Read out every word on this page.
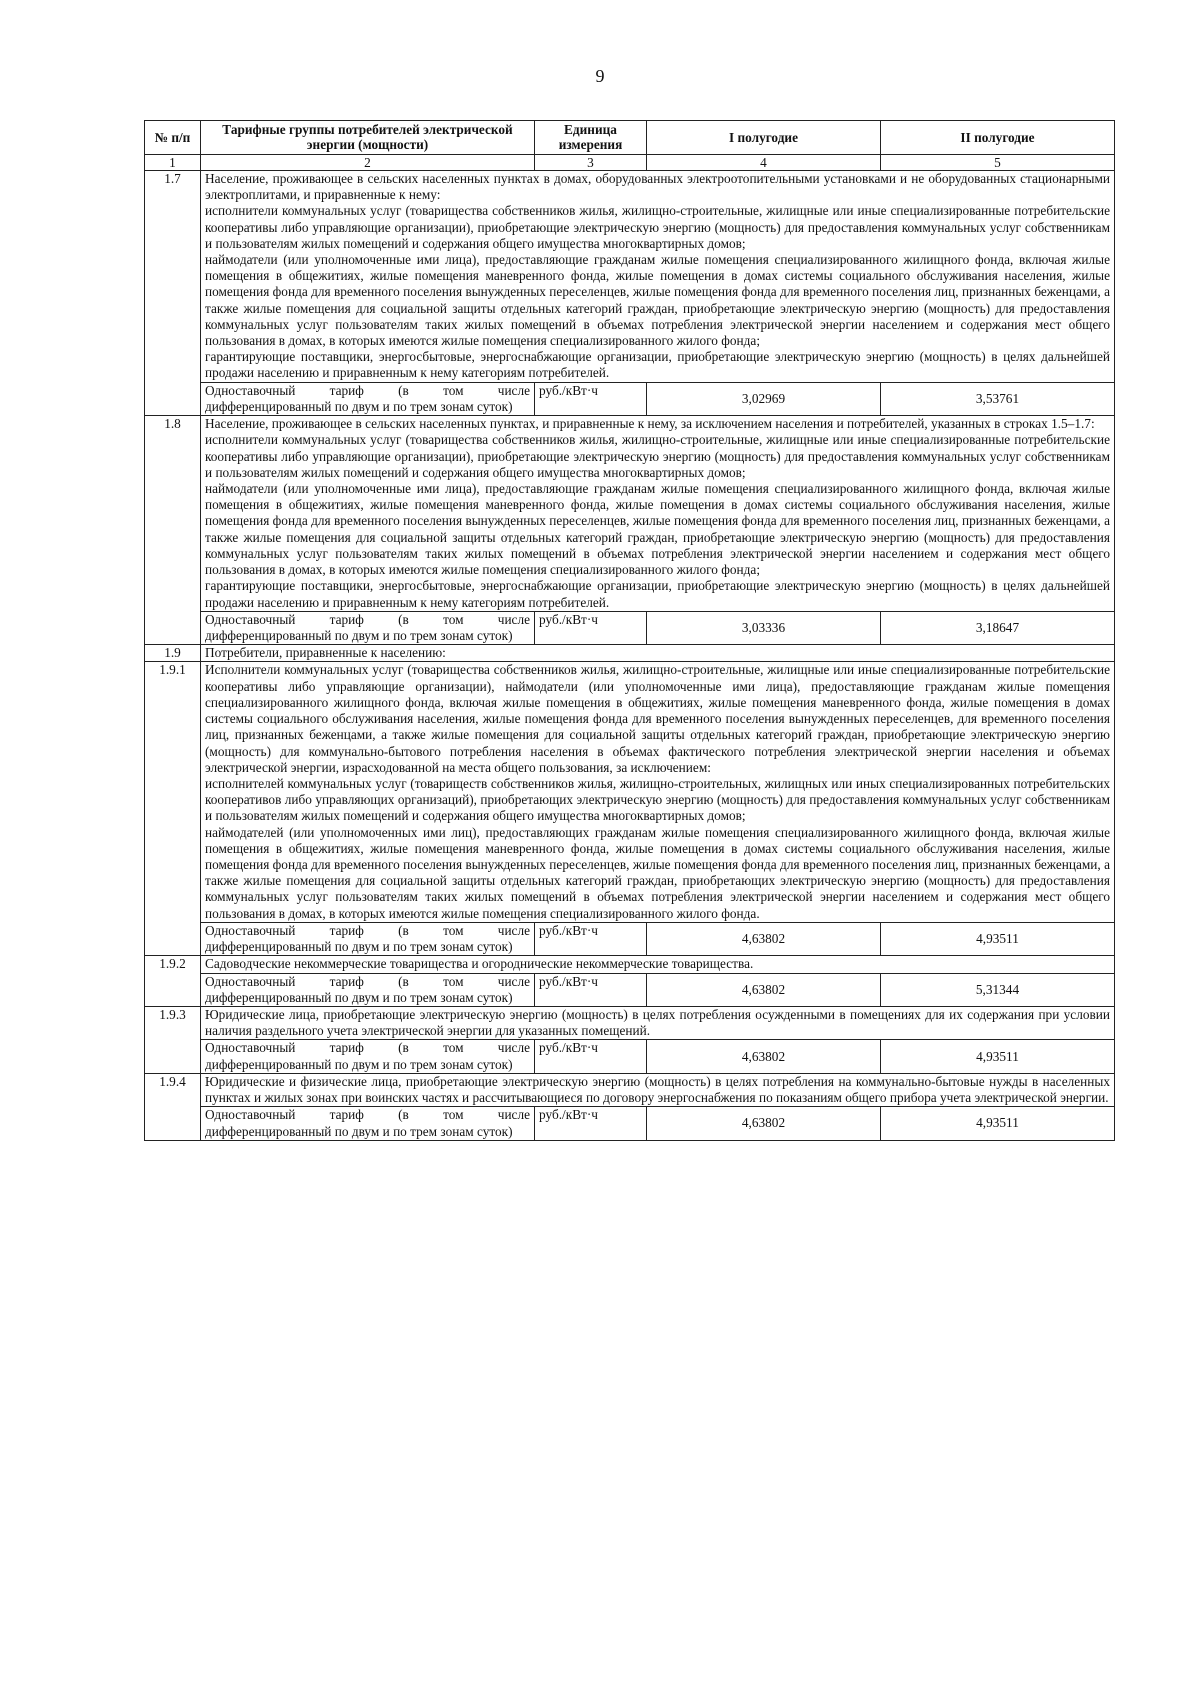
9
№ п/п	Тарифные группы потребителей электрической энергии (мощности)	Единица измерения	I полугодие	II полугодие
1	2	3	4	5
1.7	Население, проживающее в сельских населенных пунктах в домах, оборудованных электроотопительными установками и не оборудованных стационарными электроплитами, и приравненные к нему:

исполнители коммунальных услуг (товарищества собственников жилья, жилищно-строительные, жилищные или иные специализированные потребительские кооперативы либо управляющие организации), приобретающие электрическую энергию (мощность) для предоставления коммунальных услуг собственникам и пользователям жилых помещений и содержания общего имущества многоквартирных домов;

наймодатели (или уполномоченные ими лица), предоставляющие гражданам жилые помещения специализированного жилищного фонда, включая жилые помещения в общежитиях, жилые помещения маневренного фонда, жилые помещения в домах системы социального обслуживания населения, жилые помещения фонда для временного поселения вынужденных переселенцев, жилые помещения фонда для временного поселения лиц, признанных беженцами, а также жилые помещения для социальной защиты отдельных категорий граждан, приобретающие электрическую энергию (мощность) для предоставления коммунальных услуг пользователям таких жилых помещений в объемах потребления электрической энергии населением и содержания мест общего пользования в домах, в которых имеются жилые помещения специализированного жилого фонда;

гарантирующие поставщики, энергосбытовые, энергоснабжающие организации, приобретающие электрическую энергию (мощность) в целях дальнейшей продажи населению и приравненным к нему категориям потребителей.			

	Одноставочный тариф (в том числе дифференцированный по двум и по трем зонам суток)	руб./кВт·ч	3,02969	3,53761
1.8	Население, проживающее в сельских населенных пунктах, и приравненные к нему, за исключением населения и потребителей, указанных в строках 1.5–1.7:

исполнители коммунальных услуг (товарищества собственников жилья, жилищно-строительные, жилищные или иные специализированные потребительские кооперативы либо управляющие организации), приобретающие электрическую энергию (мощность) для предоставления коммунальных услуг собственникам и пользователям жилых помещений и содержания общего имущества многоквартирных домов;

наймодатели (или уполномоченные ими лица), предоставляющие гражданам жилые помещения специализированного жилищного фонда, включая жилые помещения в общежитиях, жилые помещения маневренного фонда, жилые помещения в домах системы социального обслуживания населения, жилые помещения фонда для временного поселения вынужденных переселенцев, жилые помещения фонда для временного поселения лиц, признанных беженцами, а также жилые помещения для социальной защиты отдельных категорий граждан, приобретающие электрическую энергию (мощность) для предоставления коммунальных услуг пользователям таких жилых помещений в объемах потребления электрической энергии населением и содержания мест общего пользования в домах, в которых имеются жилые помещения специализированного жилого фонда;

гарантирующие поставщики, энергосбытовые, энергоснабжающие организации, приобретающие электрическую энергию (мощность) в целях дальнейшей продажи населению и приравненным к нему категориям потребителей.			

	Одноставочный тариф (в том числе дифференцированный по двум и по трем зонам суток)	руб./кВт·ч	3,03336	3,18647
1.9	Потребители, приравненные к населению:			

1.9.1	Исполнители коммунальных услуг (товарищества собственников жилья, жилищно-строительные, жилищные или иные специализированные потребительские кооперативы либо управляющие организации), наймодатели (или уполномоченные ими лица), предоставляющие гражданам жилые помещения специализированного жилищного фонда, включая жилые помещения в общежитиях, жилые помещения маневренного фонда, жилые помещения в домах системы социального обслуживания населения, жилые помещения фонда для временного поселения вынужденных переселенцев, для временного поселения лиц, признанных беженцами, а также жилые помещения для социальной защиты отдельных категорий граждан, приобретающие электрическую энергию (мощность) для коммунально-бытового потребления населения в объемах фактического потребления электрической энергии населения и объемах электрической энергии, израсходованной на места общего пользования, за исключением:

исполнителей коммунальных услуг (товариществ собственников жилья, жилищно-строительных, жилищных или иных специализированных потребительских кооперативов либо управляющих организаций), приобретающих электрическую энергию (мощность) для предоставления коммунальных услуг собственникам и пользователям жилых помещений и содержания общего имущества многоквартирных домов;

наймодателей (или уполномоченных ими лиц), предоставляющих гражданам жилые помещения специализированного жилищного фонда, включая жилые помещения в общежитиях, жилые помещения маневренного фонда, жилые помещения в домах системы социального обслуживания населения, жилые помещения фонда для временного поселения вынужденных переселенцев, жилые помещения фонда для временного поселения лиц, признанных беженцами, а также жилые помещения для социальной защиты отдельных категорий граждан, приобретающих электрическую энергию (мощность) для предоставления коммунальных услуг пользователям таких жилых помещений в объемах потребления электрической энергии населением и содержания мест общего пользования в домах, в которых имеются жилые помещения специализированного жилого фонда.			

	Одноставочный тариф (в том числе дифференцированный по двум и по трем зонам суток)	руб./кВт·ч	4,63802	4,93511
1.9.2	Садоводческие некоммерческие товарищества и огороднические некоммерческие товарищества.			

	Одноставочный тариф (в том числе дифференцированный по двум и по трем зонам суток)	руб./кВт·ч	4,63802	5,31344
1.9.3	Юридические лица, приобретающие электрическую энергию (мощность) в целях потребления осужденными в помещениях для их содержания при условии наличия раздельного учета электрической энергии для указанных помещений.			

	Одноставочный тариф (в том числе дифференцированный по двум и по трем зонам суток)	руб./кВт·ч	4,63802	4,93511
1.9.4	Юридические и физические лица, приобретающие электрическую энергию (мощность) в целях потребления на коммунально-бытовые нужды в населенных пунктах и жилых зонах при воинских частях и рассчитывающиеся по договору энергоснабжения по показаниям общего прибора учета электрической энергии.			

	Одноставочный тариф (в том числе дифференцированный по двум и по трем зонам суток)	руб./кВт·ч	4,63802	4,93511
